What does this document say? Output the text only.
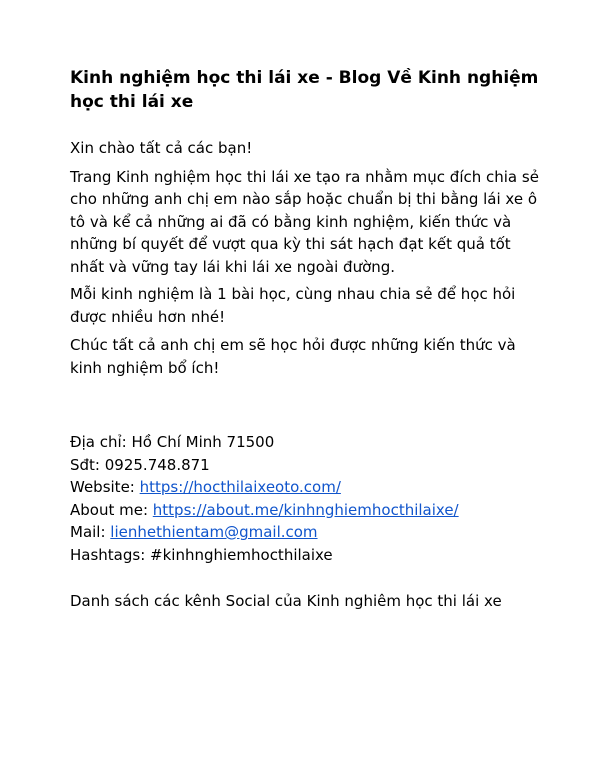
Kinh nghiệm học thi lái xe - Blog Về Kinh nghiệm học thi lái xe

Xin chào tất cả các bạn!

Trang Kinh nghiệm học thi lái xe tạo ra nhằm mục đích chia sẻ cho những anh chị em nào sắp hoặc chuẩn bị thi bằng lái xe ô tô và kể cả những ai đã có bằng kinh nghiệm, kiến thức và những bí quyết để vượt qua kỳ thi sát hạch đạt kết quả tốt nhất và vững tay lái khi lái xe ngoài đường.

Mỗi kinh nghiệm là 1 bài học, cùng nhau chia sẻ để học hỏi được nhiều hơn nhé!

Chúc tất cả anh chị em sẽ học hỏi được những kiến thức và kinh nghiệm bổ ích!

Địa chỉ: Hồ Chí Minh 71500
Sđt: 0925.748.871
Website: https://hocthilaixeoto.com/
About me: https://about.me/kinhnghiemhocthilaixe/
Mail: lienhethientam@gmail.com
Hashtags: #kinhnghiemhocthilaixe

Danh sách các kênh Social của Kinh nghiêm học thi lái xe
